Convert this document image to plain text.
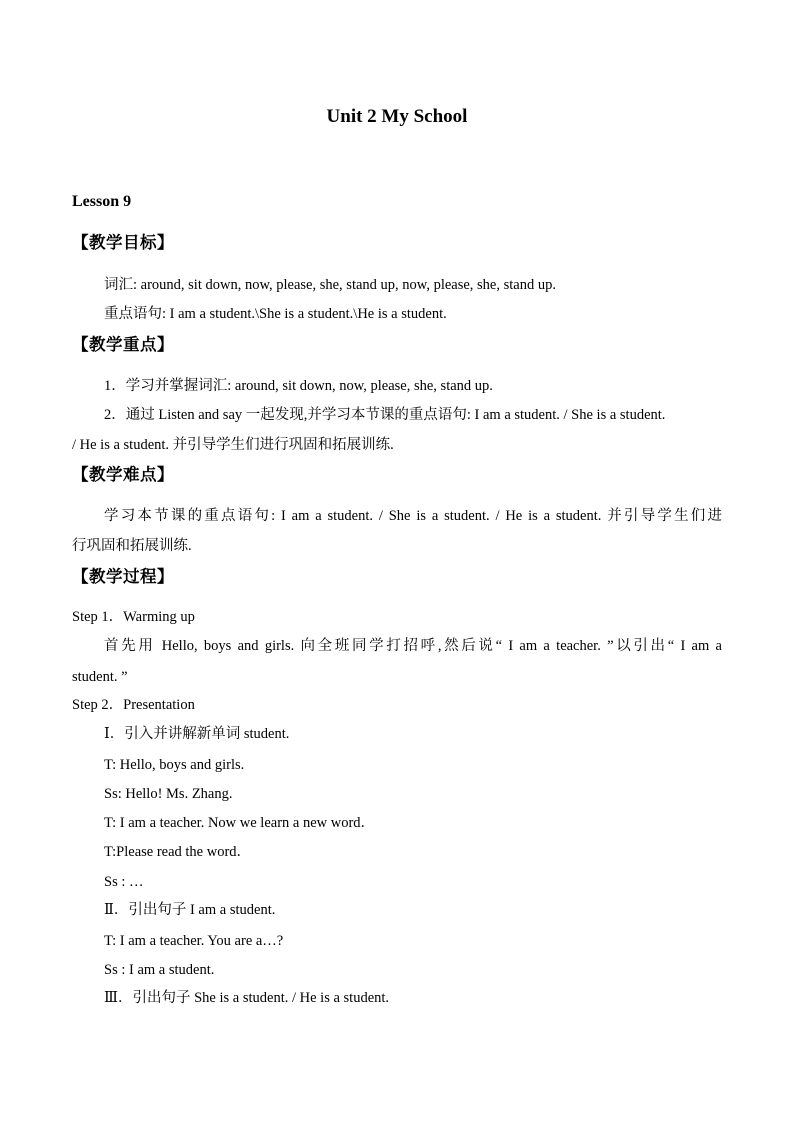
Unit 2 My School
Lesson 9
【教学目标】
词汇: around, sit down, now, please, she, stand up, now, please, she, stand up.
重点语句: I am a student.\She is a student.\He is a student.
【教学重点】
1．学习并掌握词汇: around, sit down, now, please, she, stand up.
2．通过 Listen and say 一起发现,并学习本节课的重点语句: I am a student. / She is a student.
/ He is a student. 并引导学生们进行巩固和拓展训练.
【教学难点】
学习本节课的重点语句: I am a student. / She is a student. / He is a student. 并引导学生们进
行巩固和拓展训练.
【教学过程】
Step 1．Warming up
首先用 Hello, boys and girls. 向全班同学打招呼,然后说“ I am a teacher. ”以引出“ I am a
student. ”
Step 2．Presentation
Ⅰ．引入并讲解新单词 student.
T: Hello, boys and girls.
Ss: Hello! Ms. Zhang.
T: I am a teacher. Now we learn a new word．
T:Please read the word．
Ss : …
Ⅱ．引出句子 I am a student.
T: I am a teacher. You are a…?
Ss : I am a student.
Ⅲ．引出句子 She is a student. / He is a student.
